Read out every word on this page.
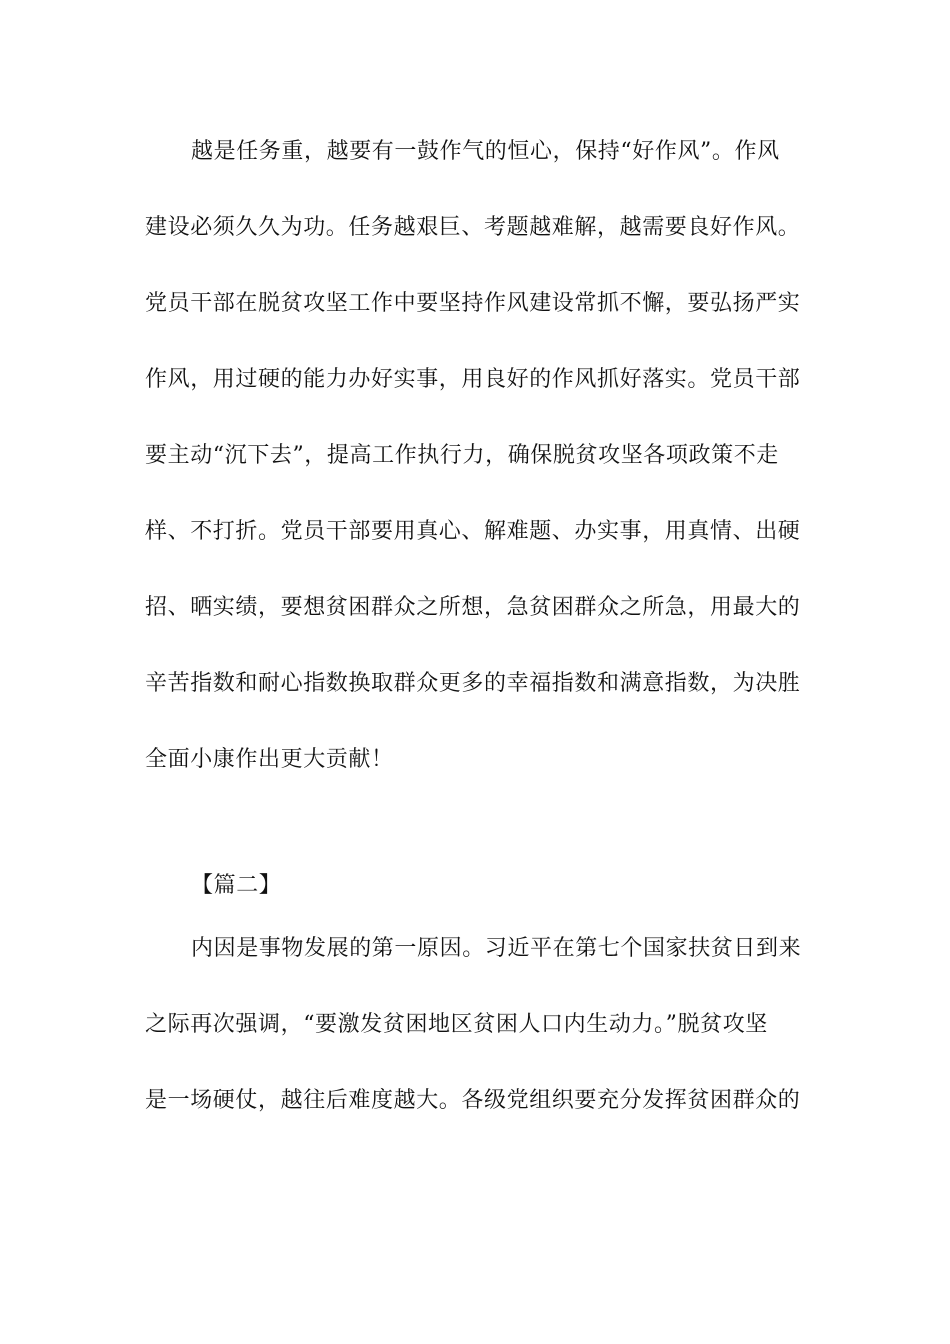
越是任务重，越要有一鼓作气的恒心，保持“好作风”。作风
建设必须久久为功。任务越艰巨、考题越难解，越需要良好作风。
党员干部在脱贫攻坚工作中要坚持作风建设常抓不懈，要弘扬严实
作风，用过硬的能力办好实事，用良好的作风抓好落实。党员干部
要主动“沉下去”，提高工作执行力，确保脱贫攻坚各项政策不走
样、不打折。党员干部要用真心、解难题、办实事，用真情、出硬
招、晒实绩，要想贫困群众之所想，急贫困群众之所急，用最大的
辛苦指数和耐心指数换取群众更多的幸福指数和满意指数，为决胜
全面小康作出更大贡献！
【篇二】
内因是事物发展的第一原因。习近平在第七个国家扶贫日到来
之际再次强调，“要激发贫困地区贫困人口内生动力。”脱贫攻坚
是一场硬仗，越往后难度越大。各级党组织要充分发挥贫困群众的
